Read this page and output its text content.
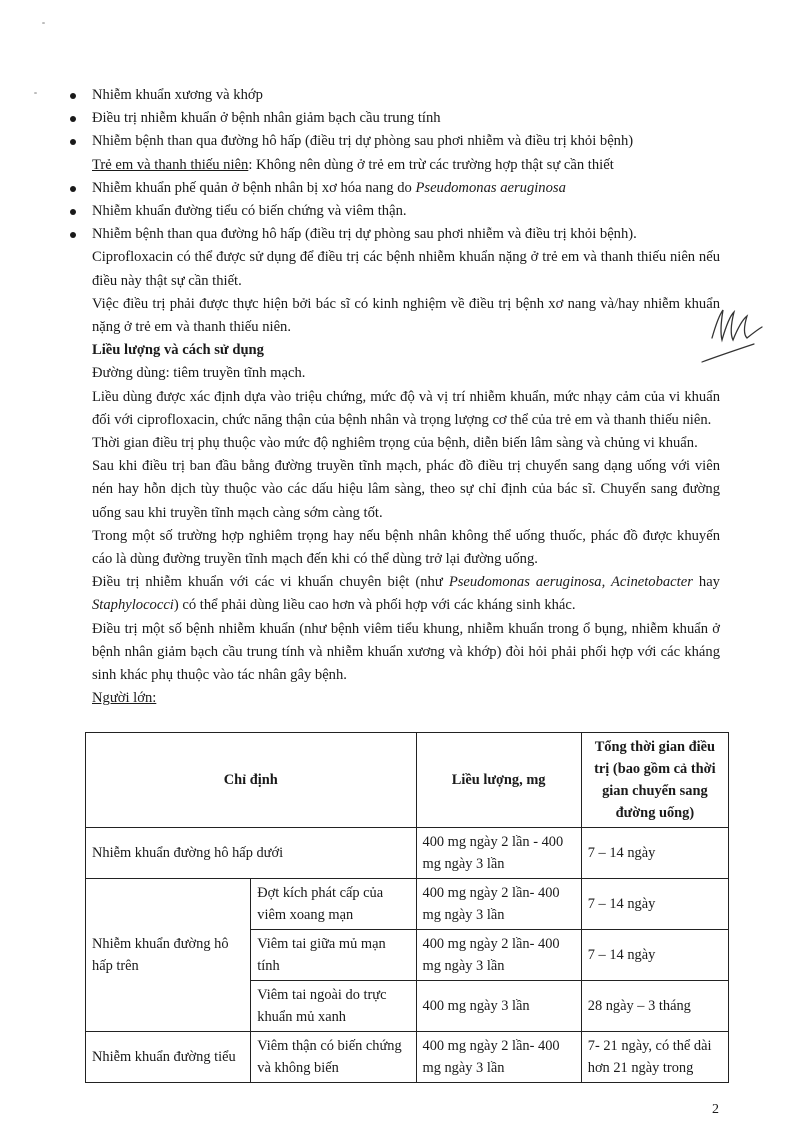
Nhiễm khuẩn xương và khớp
Điều trị nhiễm khuẩn ở bệnh nhân giảm bạch cầu trung tính
Nhiễm bệnh than qua đường hô hấp (điều trị dự phòng sau phơi nhiễm và điều trị khỏi bệnh)

Trẻ em và thanh thiếu niên: Không nên dùng ở trẻ em trừ các trường hợp thật sự cần thiết

Nhiễm khuẩn phế quản ở bệnh nhân bị xơ hóa nang do Pseudomonas aeruginosa
Nhiễm khuẩn đường tiểu có biến chứng và viêm thận.
Nhiễm bệnh than qua đường hô hấp (điều trị dự phòng sau phơi nhiễm và điều trị khỏi bệnh).

Ciprofloxacin có thể được sử dụng để điều trị các bệnh nhiễm khuẩn nặng ở trẻ em và thanh thiếu niên nếu điều này thật sự cần thiết.

Việc điều trị phải được thực hiện bởi bác sĩ có kinh nghiệm về điều trị bệnh xơ nang và/hay nhiễm khuẩn nặng ở trẻ em và thanh thiếu niên.

Liều lượng và cách sử dụng

Đường dùng: tiêm truyền tĩnh mạch.

Liều dùng được xác định dựa vào triệu chứng, mức độ và vị trí nhiễm khuẩn, mức nhạy cảm của vi khuẩn đối với ciprofloxacin, chức năng thận của bệnh nhân và trọng lượng cơ thể của trẻ em và thanh thiếu niên.

Thời gian điều trị phụ thuộc vào mức độ nghiêm trọng của bệnh, diễn biến lâm sàng và chủng vi khuẩn.

Sau khi điều trị ban đầu bằng đường truyền tĩnh mạch, phác đồ điều trị chuyển sang dạng uống với viên nén hay hỗn dịch tùy thuộc vào các dấu hiệu lâm sàng, theo sự chỉ định của bác sĩ. Chuyển sang đường uống sau khi truyền tĩnh mạch càng sớm càng tốt.

Trong một số trường hợp nghiêm trọng hay nếu bệnh nhân không thể uống thuốc, phác đồ được khuyến cáo là dùng đường truyền tĩnh mạch đến khi có thể dùng trở lại đường uống.

Điều trị nhiễm khuẩn với các vi khuẩn chuyên biệt (như Pseudomonas aeruginosa, Acinetobacter hay Staphylococci) có thể phải dùng liều cao hơn và phối hợp với các kháng sinh khác.

Điều trị một số bệnh nhiễm khuẩn (như bệnh viêm tiểu khung, nhiễm khuẩn trong ổ bụng, nhiễm khuẩn ở bệnh nhân giảm bạch cầu trung tính và nhiễm khuẩn xương và khớp) đòi hỏi phải phối hợp với các kháng sinh khác phụ thuộc vào tác nhân gây bệnh.

Người lớn:

Chỉ định		Liều lượng, mg	Tổng thời gian điều trị (bao gồm cả thời gian chuyển sang đường uống)
Nhiễm khuẩn đường hô hấp dưới		400 mg ngày 2 lần - 400 mg ngày 3 lần	7 – 14 ngày
Nhiễm khuẩn đường hô hấp trên	Đợt kích phát cấp của viêm xoang mạn	400 mg ngày 2 lần- 400 mg ngày 3 lần	7 – 14 ngày
	Viêm tai giữa mủ mạn tính	400 mg ngày 2 lần- 400 mg ngày 3 lần	7 – 14 ngày
	Viêm tai ngoài do trực khuẩn mủ xanh	400 mg ngày 3 lần	28 ngày – 3 tháng
Nhiễm khuẩn đường tiểu	Viêm thận có biến chứng và không biến	400 mg ngày 2 lần- 400 mg ngày 3 lần	7- 21 ngày, có thể dài hơn 21 ngày trong
2
